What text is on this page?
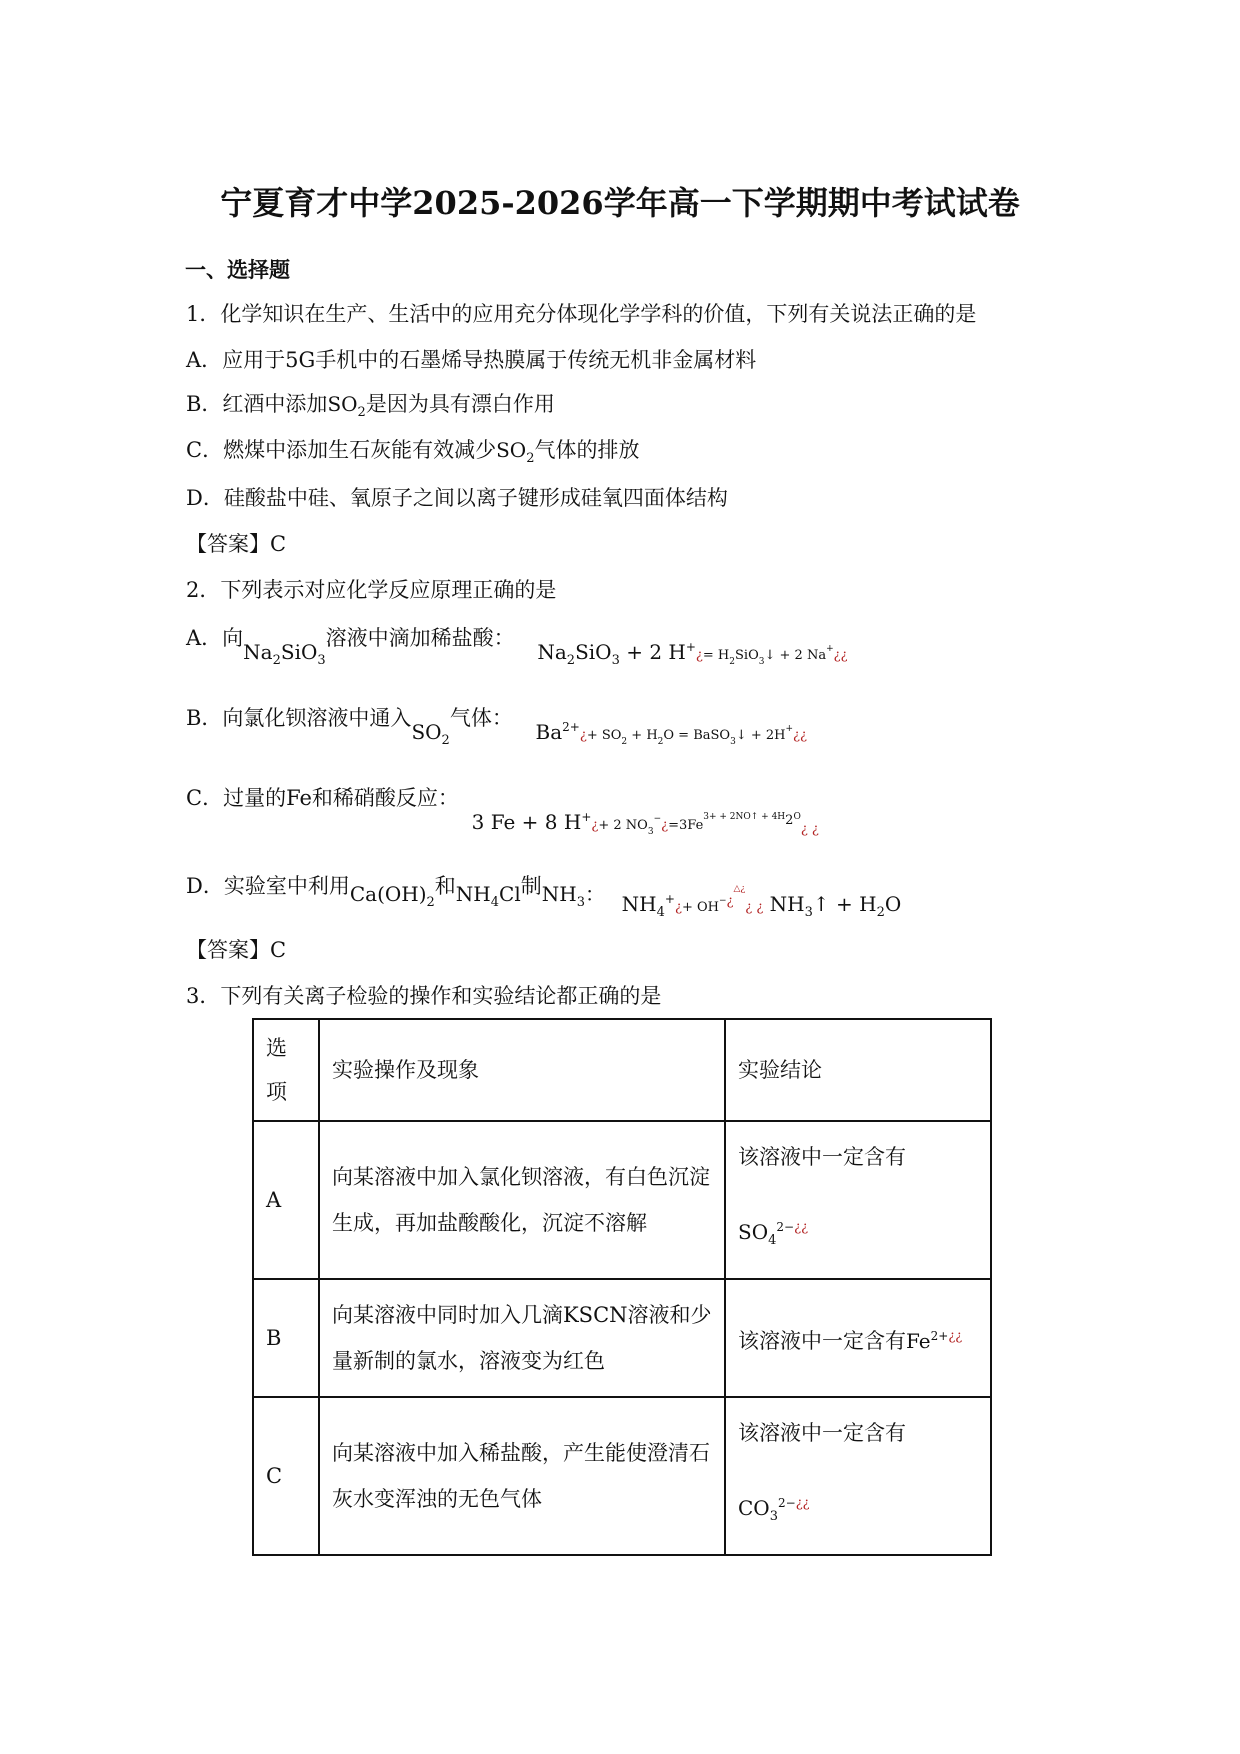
宁夏育才中学2025-2026学年高一下学期期中考试试卷
一、选择题
1．化学知识在生产、生活中的应用充分体现化学学科的价值，下列有关说法正确的是
A．应用于5G手机中的石墨烯导热膜属于传统无机非金属材料
B．红酒中添加$SO_2$是因为具有漂白作用
C．燃煤中添加生石灰能有效减少$SO_2$气体的排放
D．硅酸盐中硅、氧原子之间以离子键形成硅氧四面体结构
【答案】C
2．下列表示对应化学反应原理正确的是
A．向$Na_2SiO_3$溶液中滴加稀盐酸： $Na_2SiO_3 + 2$ H+¿= $H_2SiO_3↓ + 2$ Na+¿¿
B．向氯化钡溶液中通入$SO_2$气体： $Ba^{2+}¿+ SO_2 + H_2O$ = BaSO$_3$↓ + 2H+¿¿
C．过量的Fe和稀硝酸反应： 3 Fe + 8 H+¿+ 2 $NO_3^-¿=3Fe^{3+ + 2NO↑ + 4H_2O}_{¿ ¿}$
D．实验室中利用$Ca(OH)_2$和$NH_4Cl$制$NH_3$： $NH_4^+¿+$ OH−¿△¿¿ ¿ $NH_3↑ + H_2O$
【答案】C
3．下列有关离子检验的操作和实验结论都正确的是
选项	实验操作及现象	实验结论
A	向某溶液中加入氯化钡溶液，有白色沉淀生成，再加盐酸酸化，沉淀不溶解	该溶液中一定含有
$SO_4^{2-¿¿}$

B	向某溶液中同时加入几滴KSCN溶液和少量新制的氯水，溶液变为红色	该溶液中一定含有$Fe^{2+¿¿}$
C	向某溶液中加入稀盐酸，产生能使澄清石灰水变浑浊的无色气体	该溶液中一定含有
$CO_3^{2-¿¿}$
